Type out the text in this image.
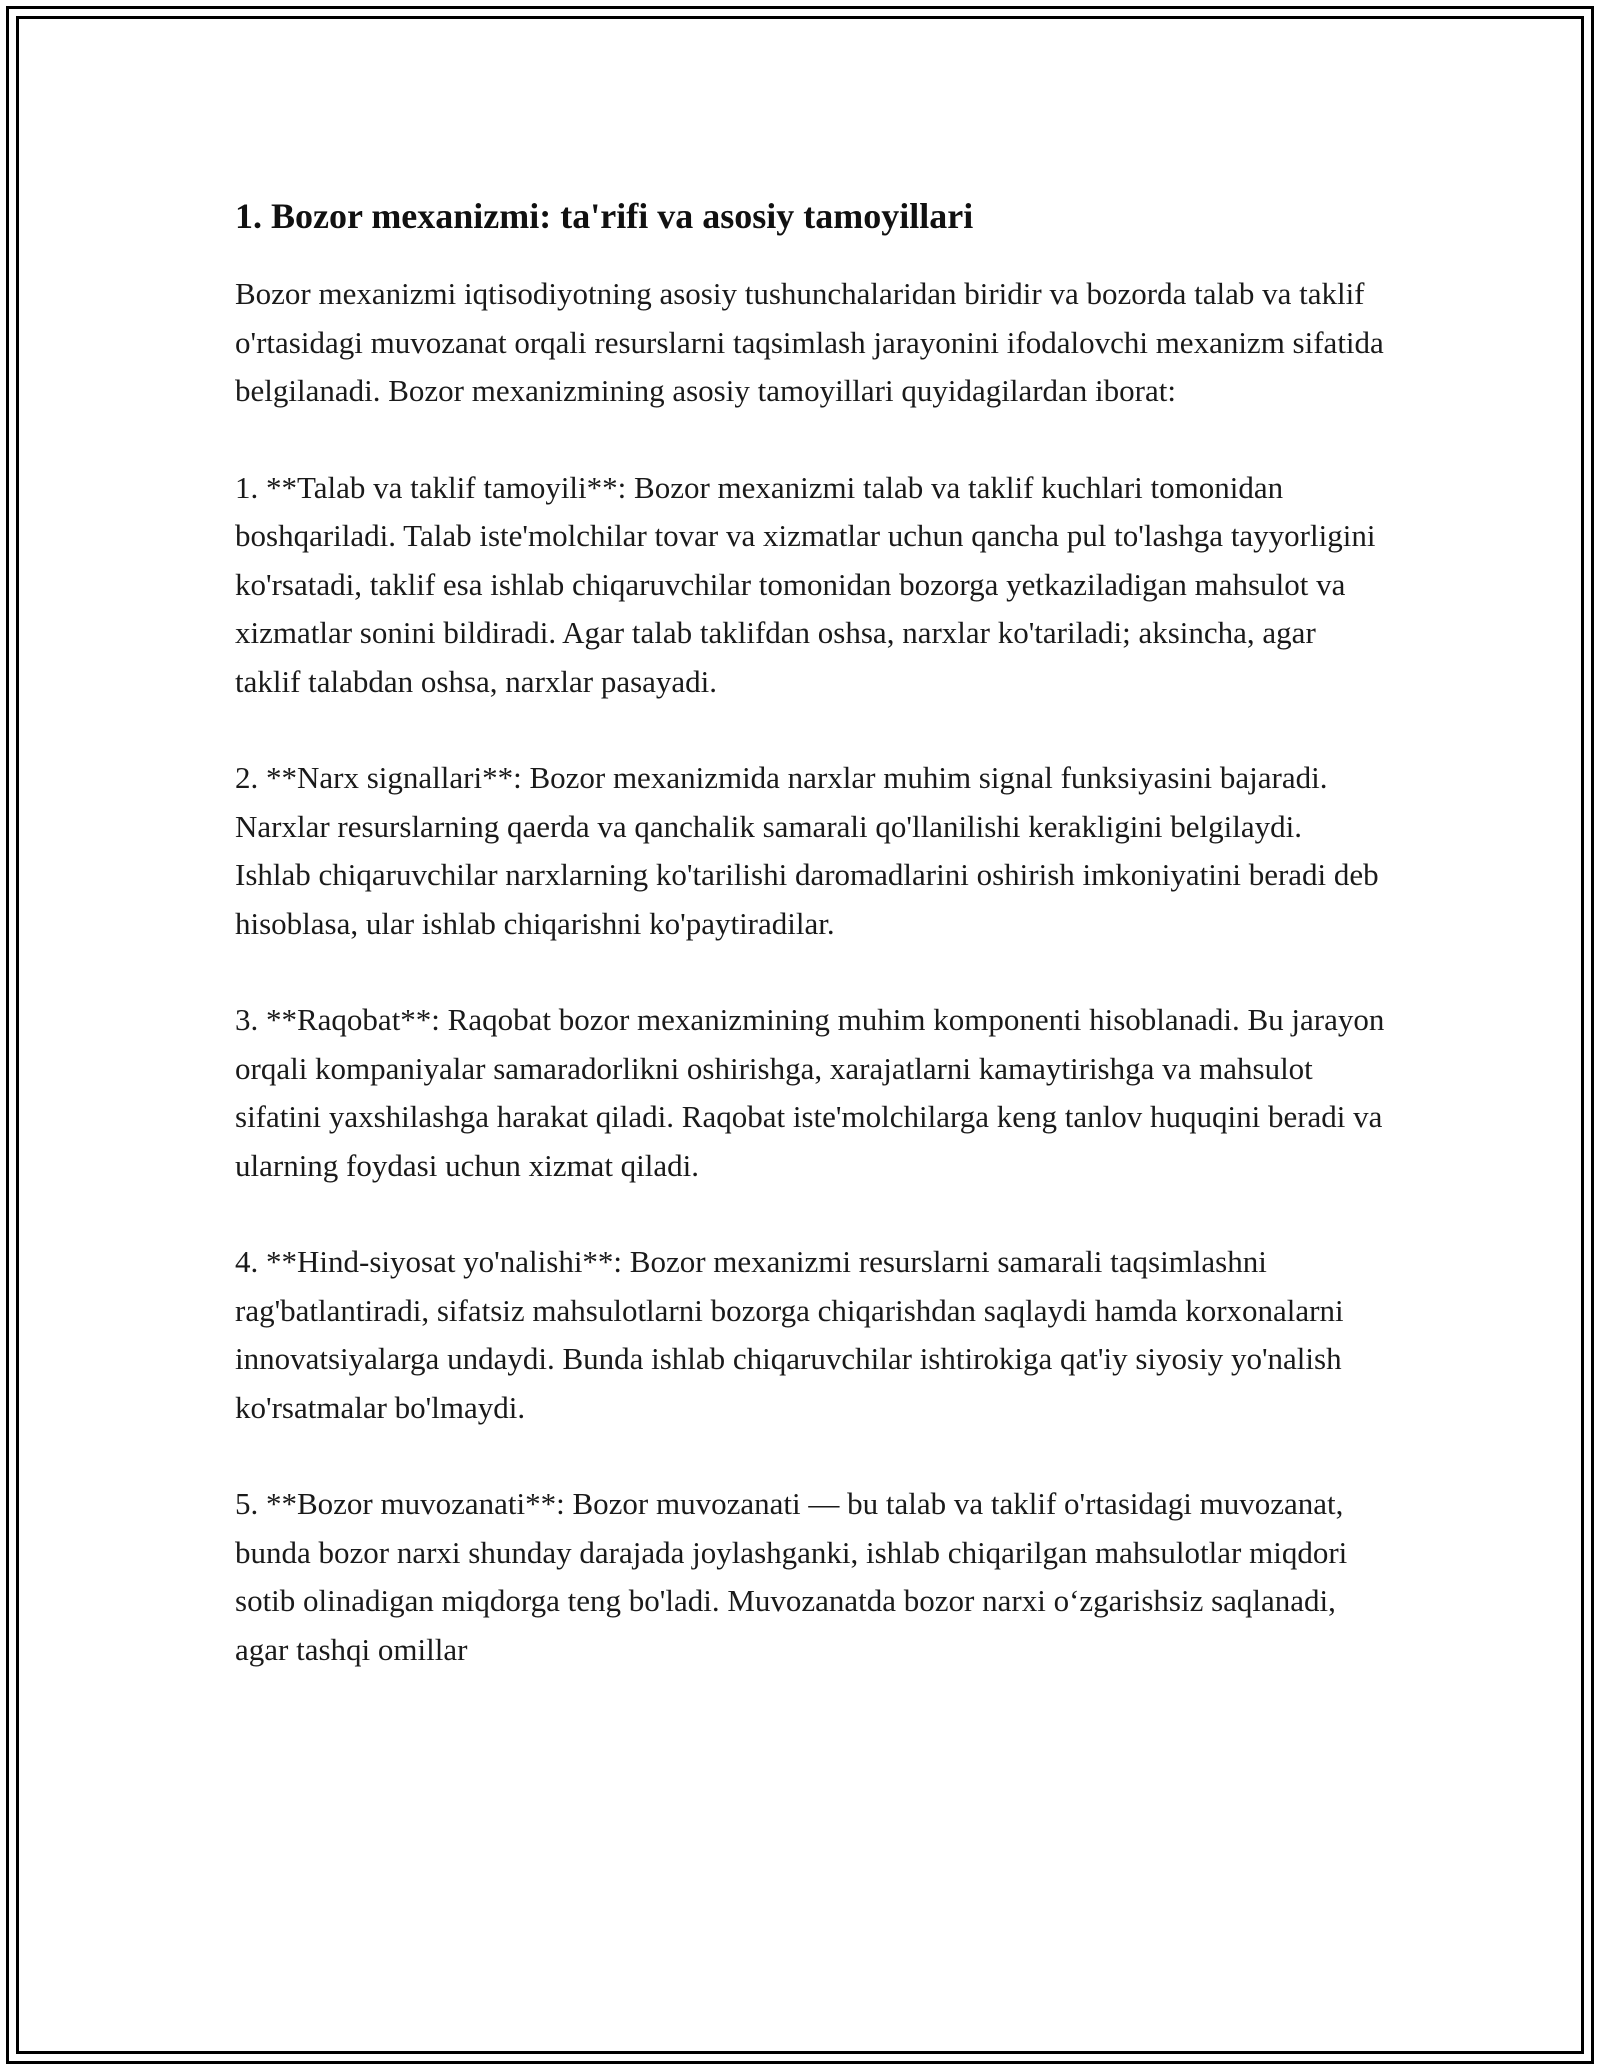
1. Bozor mexanizmi: ta'rifi va asosiy tamoyillari

Bozor mexanizmi iqtisodiyotning asosiy tushunchalaridan biridir va bozorda talab va taklif o'rtasidagi muvozanat orqali resurslarni taqsimlash jarayonini ifodalovchi mexanizm sifatida belgilanadi. Bozor mexanizmining asosiy tamoyillari quyidagilardan iborat:

1. **Talab va taklif tamoyili**: Bozor mexanizmi talab va taklif kuchlari tomonidan boshqariladi. Talab iste'molchilar tovar va xizmatlar uchun qancha pul to'lashga tayyorligini ko'rsatadi, taklif esa ishlab chiqaruvchilar tomonidan bozorga yetkaziladigan mahsulot va xizmatlar sonini bildiradi. Agar talab taklifdan oshsa, narxlar ko'tariladi; aksincha, agar taklif talabdan oshsa, narxlar pasayadi.

2. **Narx signallari**: Bozor mexanizmida narxlar muhim signal funksiyasini bajaradi. Narxlar resurslarning qaerda va qanchalik samarali qo'llanilishi kerakligini belgilaydi. Ishlab chiqaruvchilar narxlarning ko'tarilishi daromadlarini oshirish imkoniyatini beradi deb hisoblasa, ular ishlab chiqarishni ko'paytiradilar.

3. **Raqobat**: Raqobat bozor mexanizmining muhim komponenti hisoblanadi. Bu jarayon orqali kompaniyalar samaradorlikni oshirishga, xarajatlarni kamaytirishga va mahsulot sifatini yaxshilashga harakat qiladi. Raqobat iste'molchilarga keng tanlov huquqini beradi va ularning foydasi uchun xizmat qiladi.

4. **Hind-siyosat yo'nalishi**: Bozor mexanizmi resurslarni samarali taqsimlashni rag'batlantiradi, sifatsiz mahsulotlarni bozorga chiqarishdan saqlaydi hamda korxonalarni innovatsiyalarga undaydi. Bunda ishlab chiqaruvchilar ishtirokiga qat'iy siyosiy yo'nalish ko'rsatmalar bo'lmaydi.

5. **Bozor muvozanati**: Bozor muvozanati — bu talab va taklif o'rtasidagi muvozanat, bunda bozor narxi shunday darajada joylashganki, ishlab chiqarilgan mahsulotlar miqdori sotib olinadigan miqdorga teng bo'ladi. Muvozanatda bozor narxi o‘zgarishsiz saqlanadi, agar tashqi omillar
